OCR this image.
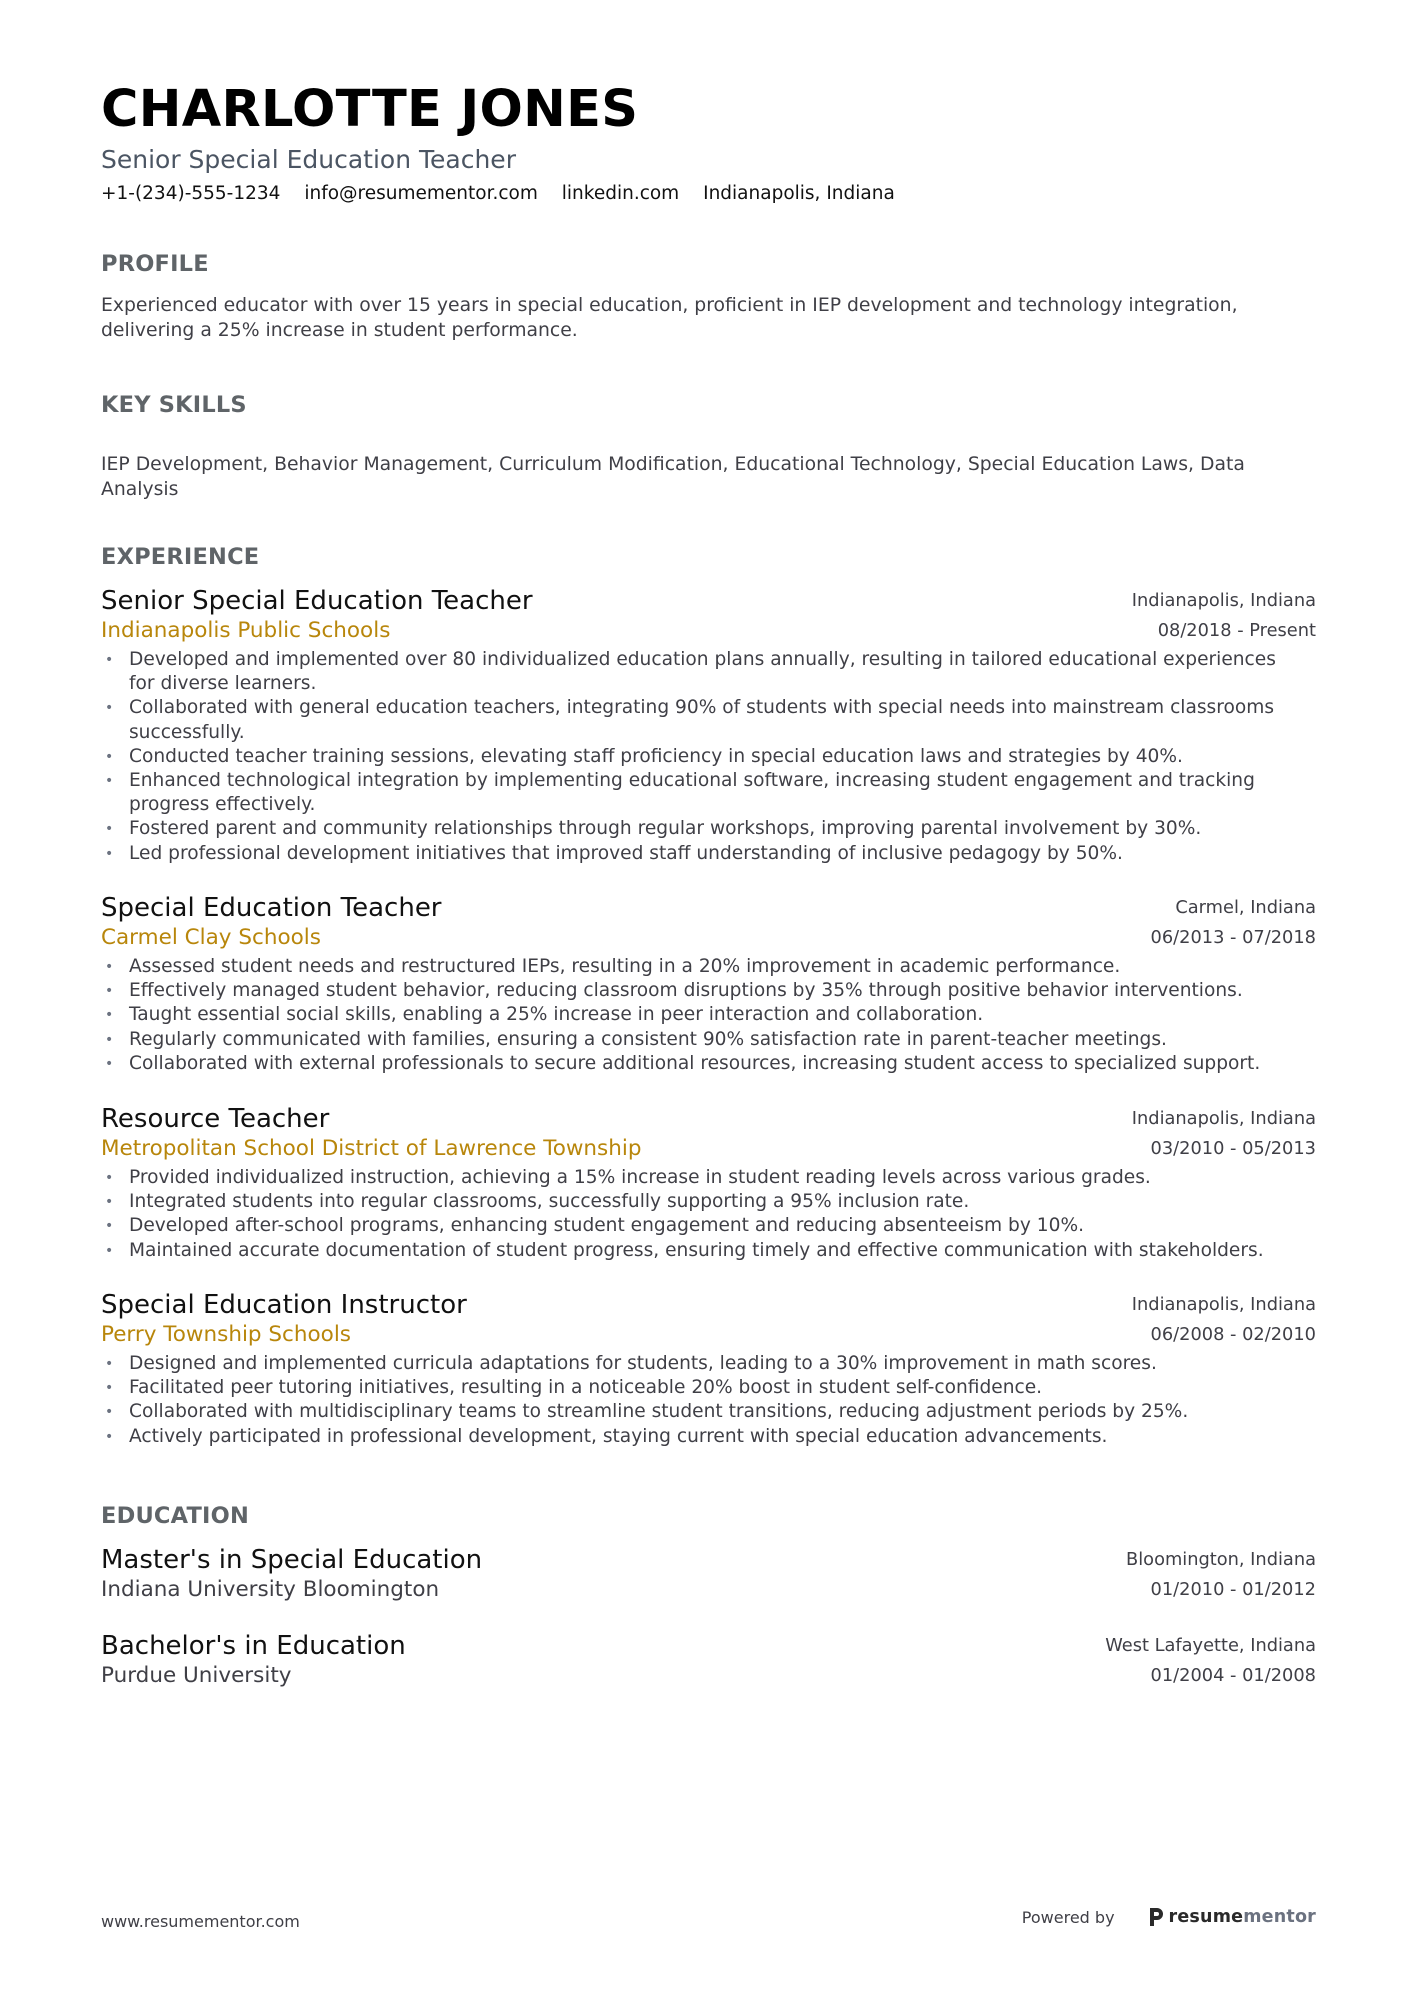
CHARLOTTE JONES
Senior Special Education Teacher
+1-(234)-555-1234 info@resumementor.com linkedin.com Indianapolis, Indiana
PROFILE
Experienced educator with over 15 years in special education, proficient in IEP development and technology integration, delivering a 25% increase in student performance.
KEY SKILLS
IEP Development, Behavior Management, Curriculum Modification, Educational Technology, Special Education Laws, Data Analysis
EXPERIENCE
Senior Special Education Teacher
Indianapolis Public Schools
Indianapolis, Indiana
08/2018 - Present
• Developed and implemented over 80 individualized education plans annually, resulting in tailored educational experiences for diverse learners.
• Collaborated with general education teachers, integrating 90% of students with special needs into mainstream classrooms successfully.
• Conducted teacher training sessions, elevating staff proficiency in special education laws and strategies by 40%.
• Enhanced technological integration by implementing educational software, increasing student engagement and tracking progress effectively.
• Fostered parent and community relationships through regular workshops, improving parental involvement by 30%.
• Led professional development initiatives that improved staff understanding of inclusive pedagogy by 50%.
Special Education Teacher
Carmel Clay Schools
Carmel, Indiana
06/2013 - 07/2018
• Assessed student needs and restructured IEPs, resulting in a 20% improvement in academic performance.
• Effectively managed student behavior, reducing classroom disruptions by 35% through positive behavior interventions.
• Taught essential social skills, enabling a 25% increase in peer interaction and collaboration.
• Regularly communicated with families, ensuring a consistent 90% satisfaction rate in parent-teacher meetings.
• Collaborated with external professionals to secure additional resources, increasing student access to specialized support.
Resource Teacher
Metropolitan School District of Lawrence Township
Indianapolis, Indiana
03/2010 - 05/2013
• Provided individualized instruction, achieving a 15% increase in student reading levels across various grades.
• Integrated students into regular classrooms, successfully supporting a 95% inclusion rate.
• Developed after-school programs, enhancing student engagement and reducing absenteeism by 10%.
• Maintained accurate documentation of student progress, ensuring timely and effective communication with stakeholders.
Special Education Instructor
Perry Township Schools
Indianapolis, Indiana
06/2008 - 02/2010
• Designed and implemented curricula adaptations for students, leading to a 30% improvement in math scores.
• Facilitated peer tutoring initiatives, resulting in a noticeable 20% boost in student self-confidence.
• Collaborated with multidisciplinary teams to streamline student transitions, reducing adjustment periods by 25%.
• Actively participated in professional development, staying current with special education advancements.
EDUCATION
Master's in Special Education
Indiana University Bloomington
Bloomington, Indiana
01/2010 - 01/2012
Bachelor's in Education
Purdue University
West Lafayette, Indiana
01/2004 - 01/2008
www.resumementor.com	Powered by	resume mentor
